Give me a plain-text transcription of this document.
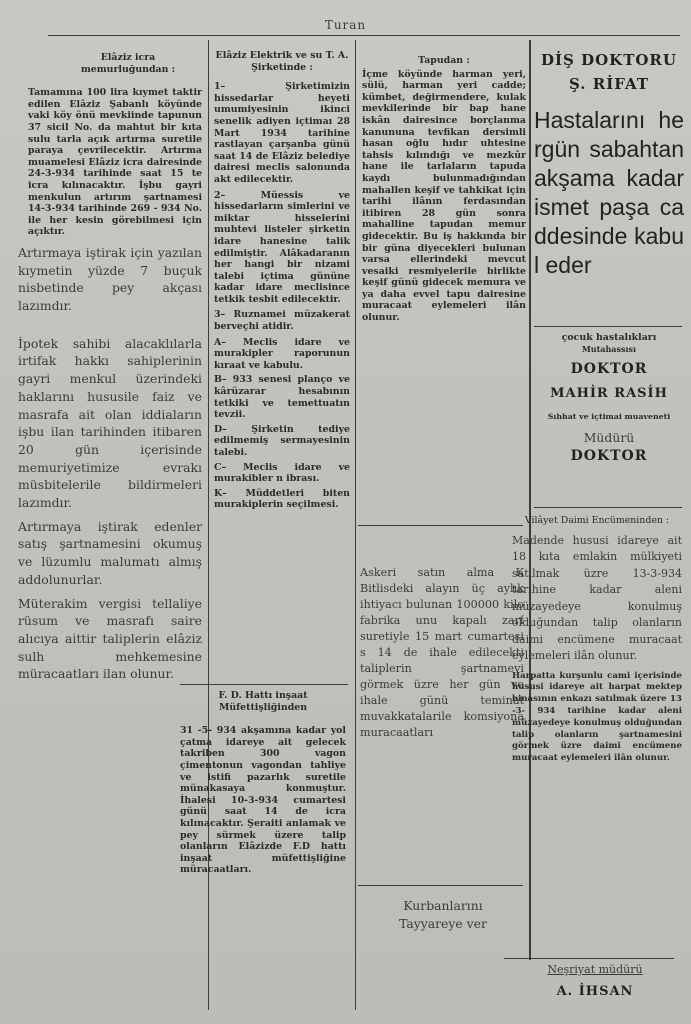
Turan

Elâziz icra memurluğundan :

Tamamına 100 lira kıymet taktir edilen Elâziz Şabanlı köyünde vaki köy önü mevkiinde tapunun 37 sicil No. da mahtut bir kıta sulu tarla açık artırma suretile paraya çevrilecektir. Artırma muamelesi Elâziz icra dairesinde 24-3-934 tarihinde saat 15 te icra kılınacaktır. İşbu gayri menkulun artırım şartnamesi 14-3-934 tarihinde 269 - 934 No. ile her kesin görebilmesi için açıktır.

Artırmaya iştirak için yazılan kıymetin yüzde 7 buçuk nisbetinde pey akçası lazımdır.

İpotek sahibi alacaklılarla irtifak hakkı sahiplerinin gayri menkul üzerindeki haklarını hususile faiz ve masrafa ait olan iddiaların işbu ilan tarihinden itibaren 20 gün içerisinde memuriyetimize evrakı müsbitelerile bildirmeleri lazımdır.

Artırmaya iştirak edenler satış şartnamesini okumuş ve lüzumlu malumatı almış addolunurlar.

Müterakim vergisi tellaliye rüsum ve masrafı saire alıcıya aittir taliplerin elâziz sulh mehkemesine müracaatları ilan olunur.

Elâziz Elektrik ve su T. A. Şirketinde :

1– Şirketimizin hissedarlar heyeti umumiyesinin ikinci senelik adiyen içtimaı 28 Mart 1934 tarihine rastlayan çarşanba günü saat 14 de Elâziz belediye dairesi meclis salonunda akt edilecektir.

2– Müessis ve hissedarların simlerini ve miktar hisselerini muhtevi listeler şirketin idare hanesine talik edilmiştir. Alâkadaranın her hangi bir nizami talebi içtima gününe kadar idare meclisince tetkik tesbit edilecektir.

3– Ruznamei müzakerat berveçhi atidir.

A– Meclis idare ve murakipler raporunun kıraat ve kabulu.

B– 933 senesi planço ve kârüzarar hesabının tetkiki ve temettuatın tevzii.

D– Şirketin tediye edilmemiş sermayesinin talebi.

C– Meclis idare ve murakibler n ibrası.

K– Müddetleri biten murakiplerin seçilmesi.

F. D. Hattı inşaat Müfettişliğinden

31 -5- 934 akşamına kadar yol çatma idareye ait gelecek takriben 300 vagon çimentonun vagondan tahliye ve istifi pazarlık suretile münakasaya konmuştur. İhalesi 10-3-934 cumartesi günü saat 14 de icra kılınacaktır. Şeraiti anlamak ve pey sürmek üzere talip olanların Elâzizde F.D hattı inşaat müfettişliğine müracaatları.

Tapudan :

İçme köyünde harman yeri, sülü, harman yeri cadde; kümbet, değirmendere, kulak mevkilerinde bir bap hane iskân dairesince borçlanma kanununa tevfikan dersimli hasan oğlu hıdır uhtesine tahsis kılındığı ve mezkûr hane ile tarlaların tapuda kaydı bulunmadığından mahallen keşif ve tahkikat için tarihi ilânın ferdasından itibiren 28 gün sonra mahalline tapudan memur gidecektir. Bu iş hakkında bir bir güna diyecekleri bulunan varsa ellerindeki mevcut vesaiki resmiyelerile birlikte keşif günü gidecek memura ve ya daha evvel tapu dairesine muracaat eylemeleri ilân olunur.

Askeri satın alma K Bitlisdeki alayın üç aylık ihtiyacı bulunan 100000 kilo fabrika unu kapalı zarf suretiyle 15 mart cumartesi s 14 de ihale edilecekti taliplerin şartnamevi görmek üzre her gün ve ihale günü teminat muvakkatalarile komsiyona muracaatları

Kurbanlarını Tayyareye ver

DİŞ DOKTORU

Ş. RİFAT

Hastalarını hergün sabahtan akşama kadar ismet paşa caddesinde kabul eder

çocuk hastalıkları

Mutahassısı

DOKTOR

MAHİR RASİH

Sıhhat ve içtimai muaveneti

Müdürü

DOKTOR

Vilâyet Daimi Encümeninden :

Madende hususi idareye ait 18 kıta emlakin mülkiyeti satılmak üzre 13-3-934 tarihine kadar aleni müzayedeye konulmuş olduğundan talip olanların daimi encümene muracaat eylemeleri ilân olunur.

Harpatta kurşunlu cami içerisinde hususi idareye ait harpat mektep binasının enkazı satılmak üzere 13 -3- 934 tarihine kadar aleni müzayedeye konulmuş olduğundan talip olanların şartnamesini görmek üzre daimi encümene muracaat eylemeleri ilân olunur.

Neşriyat müdürü

A. İHSAN
